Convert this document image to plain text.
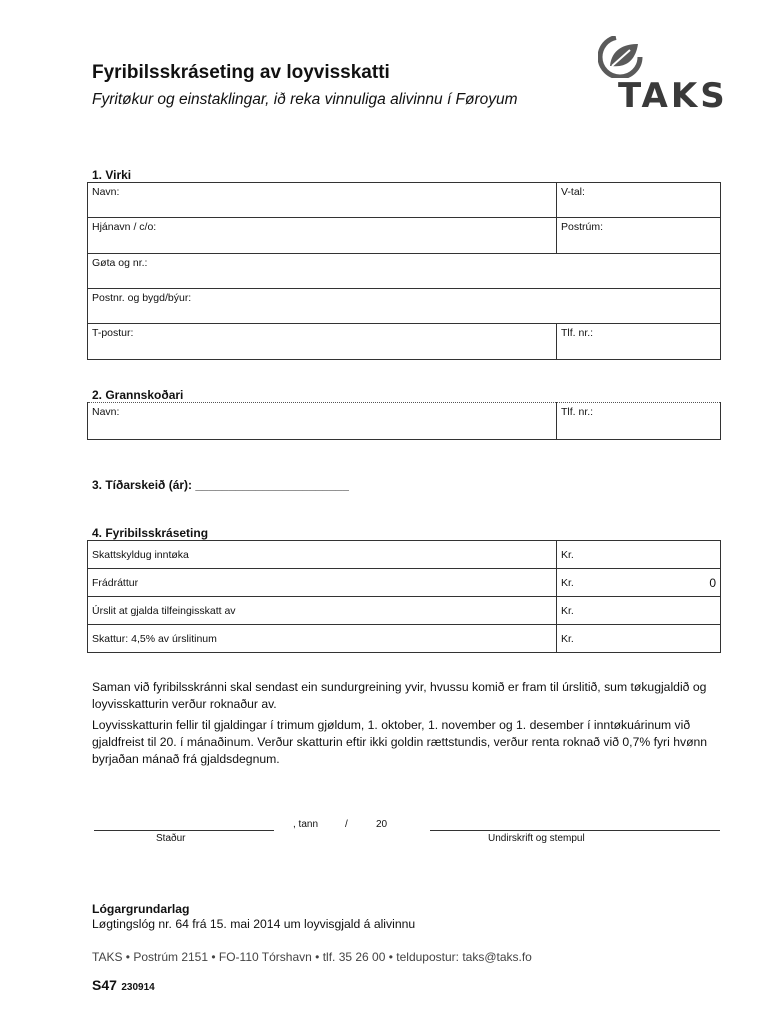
Fyribilsskráseting av loyvisskatti
Fyritøkur og einstaklingar, ið reka vinnuliga alivinnu í Føroyum	TAKS
1. Virki
Navn:	V-tal:
Hjánavn / c/o:	Postrúm:
Gøta og nr.:	
Postnr. og bygd/býur:	
T-postur:	Tlf. nr.:
2. Grannskoðari
Navn:	Tlf. nr.:
3. Tíðarskeið (ár): _______________________
4. Fyribilsskráseting
Skattskyldug inntøka	Kr.
Frádráttur	Kr. 0

Úrslit at gjalda tilfeingisskatt av	Kr.
Skattur: 4,5% av úrslitinum	Kr.
Saman við fyribilsskránni skal sendast ein sundurgreining yvir, hvussu komið er fram til úrslitið, sum tøkugjaldið og loyvisskatturin verður roknaður av.
Loyvisskatturin fellir til gjaldingar í trimum gjøldum, 1. oktober, 1. november og 1. desember í inntøkuárinum við gjaldfreist til 20. í mánaðinum. Verður skatturin eftir ikki goldin rættstundis, verður renta roknað við 0,7% fyri hvønn byrjaðan mánað frá gjaldsdegnum.
, tann	/	20
Staður	Undirskrift og stempul
Lógargrundarlag
Løgtingslóg nr. 64 frá 15. mai 2014 um loyvisgjald á alivinnu
TAKS • Postrúm 2151 • FO-110 Tórshavn • tlf. 35 26 00 • teldupostur: taks@taks.fo
S47 230914
